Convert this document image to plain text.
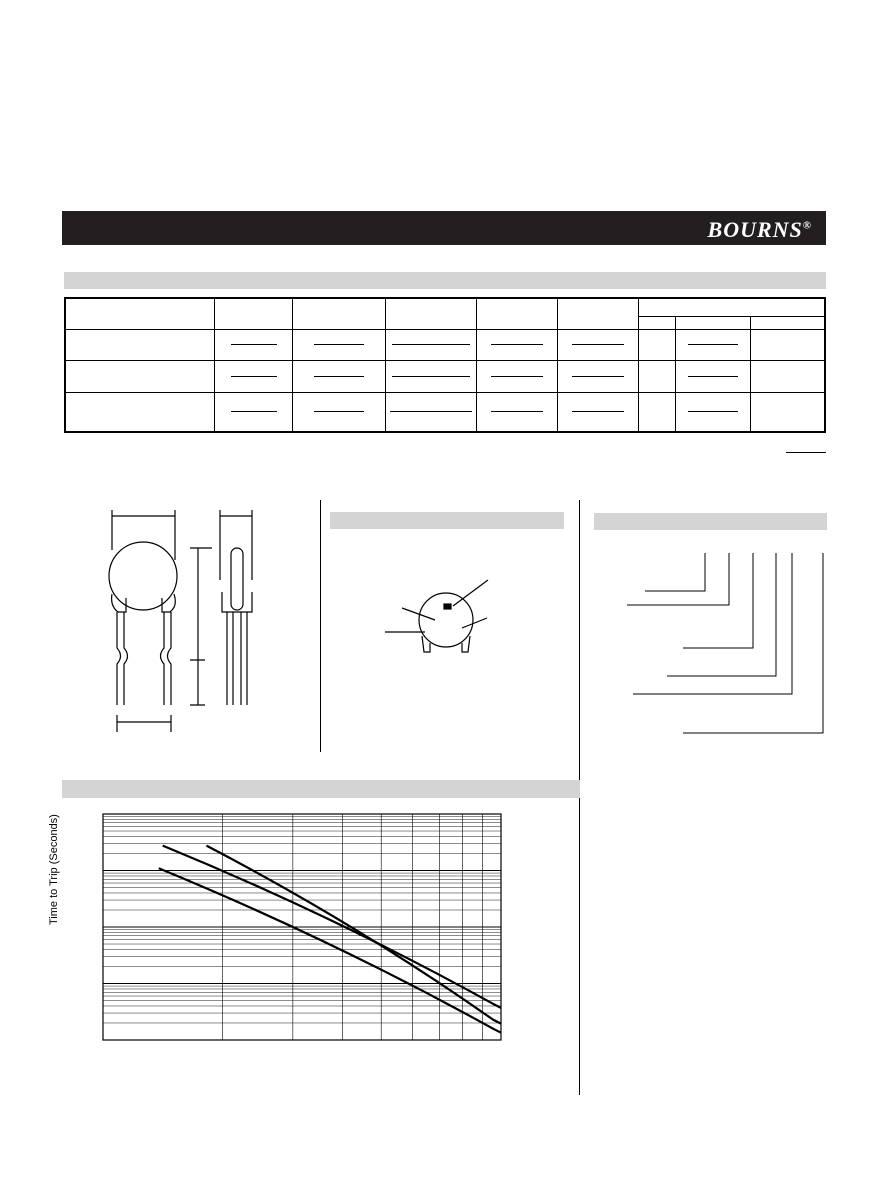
BOURNS®

Time to Trip (Seconds)
